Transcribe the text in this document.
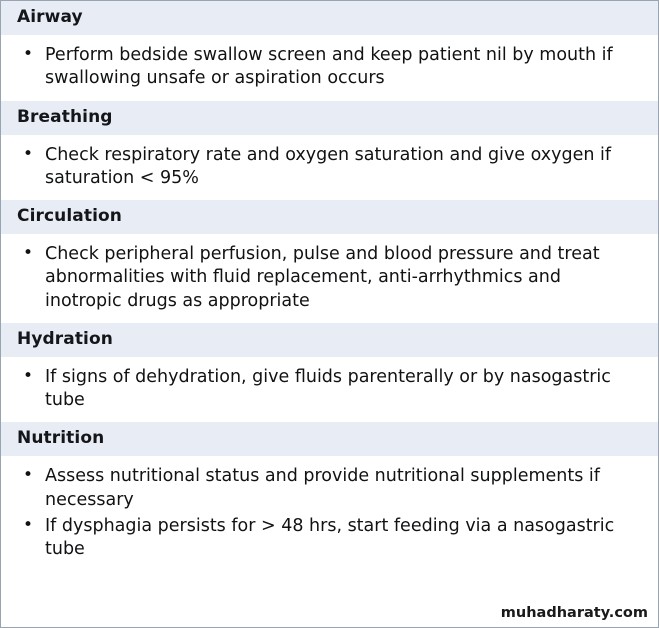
Airway
• Perform bedside swallow screen and keep patient nil by mouth if swallowing unsafe or aspiration occurs
Breathing
• Check respiratory rate and oxygen saturation and give oxygen if saturation < 95%
Circulation
• Check peripheral perfusion, pulse and blood pressure and treat abnormalities with fluid replacement, anti-arrhythmics and inotropic drugs as appropriate
Hydration
• If signs of dehydration, give fluids parenterally or by nasogastric tube
Nutrition
• Assess nutritional status and provide nutritional supplements if necessary
• If dysphagia persists for > 48 hrs, start feeding via a nasogastric tube
muhadharaty.com
